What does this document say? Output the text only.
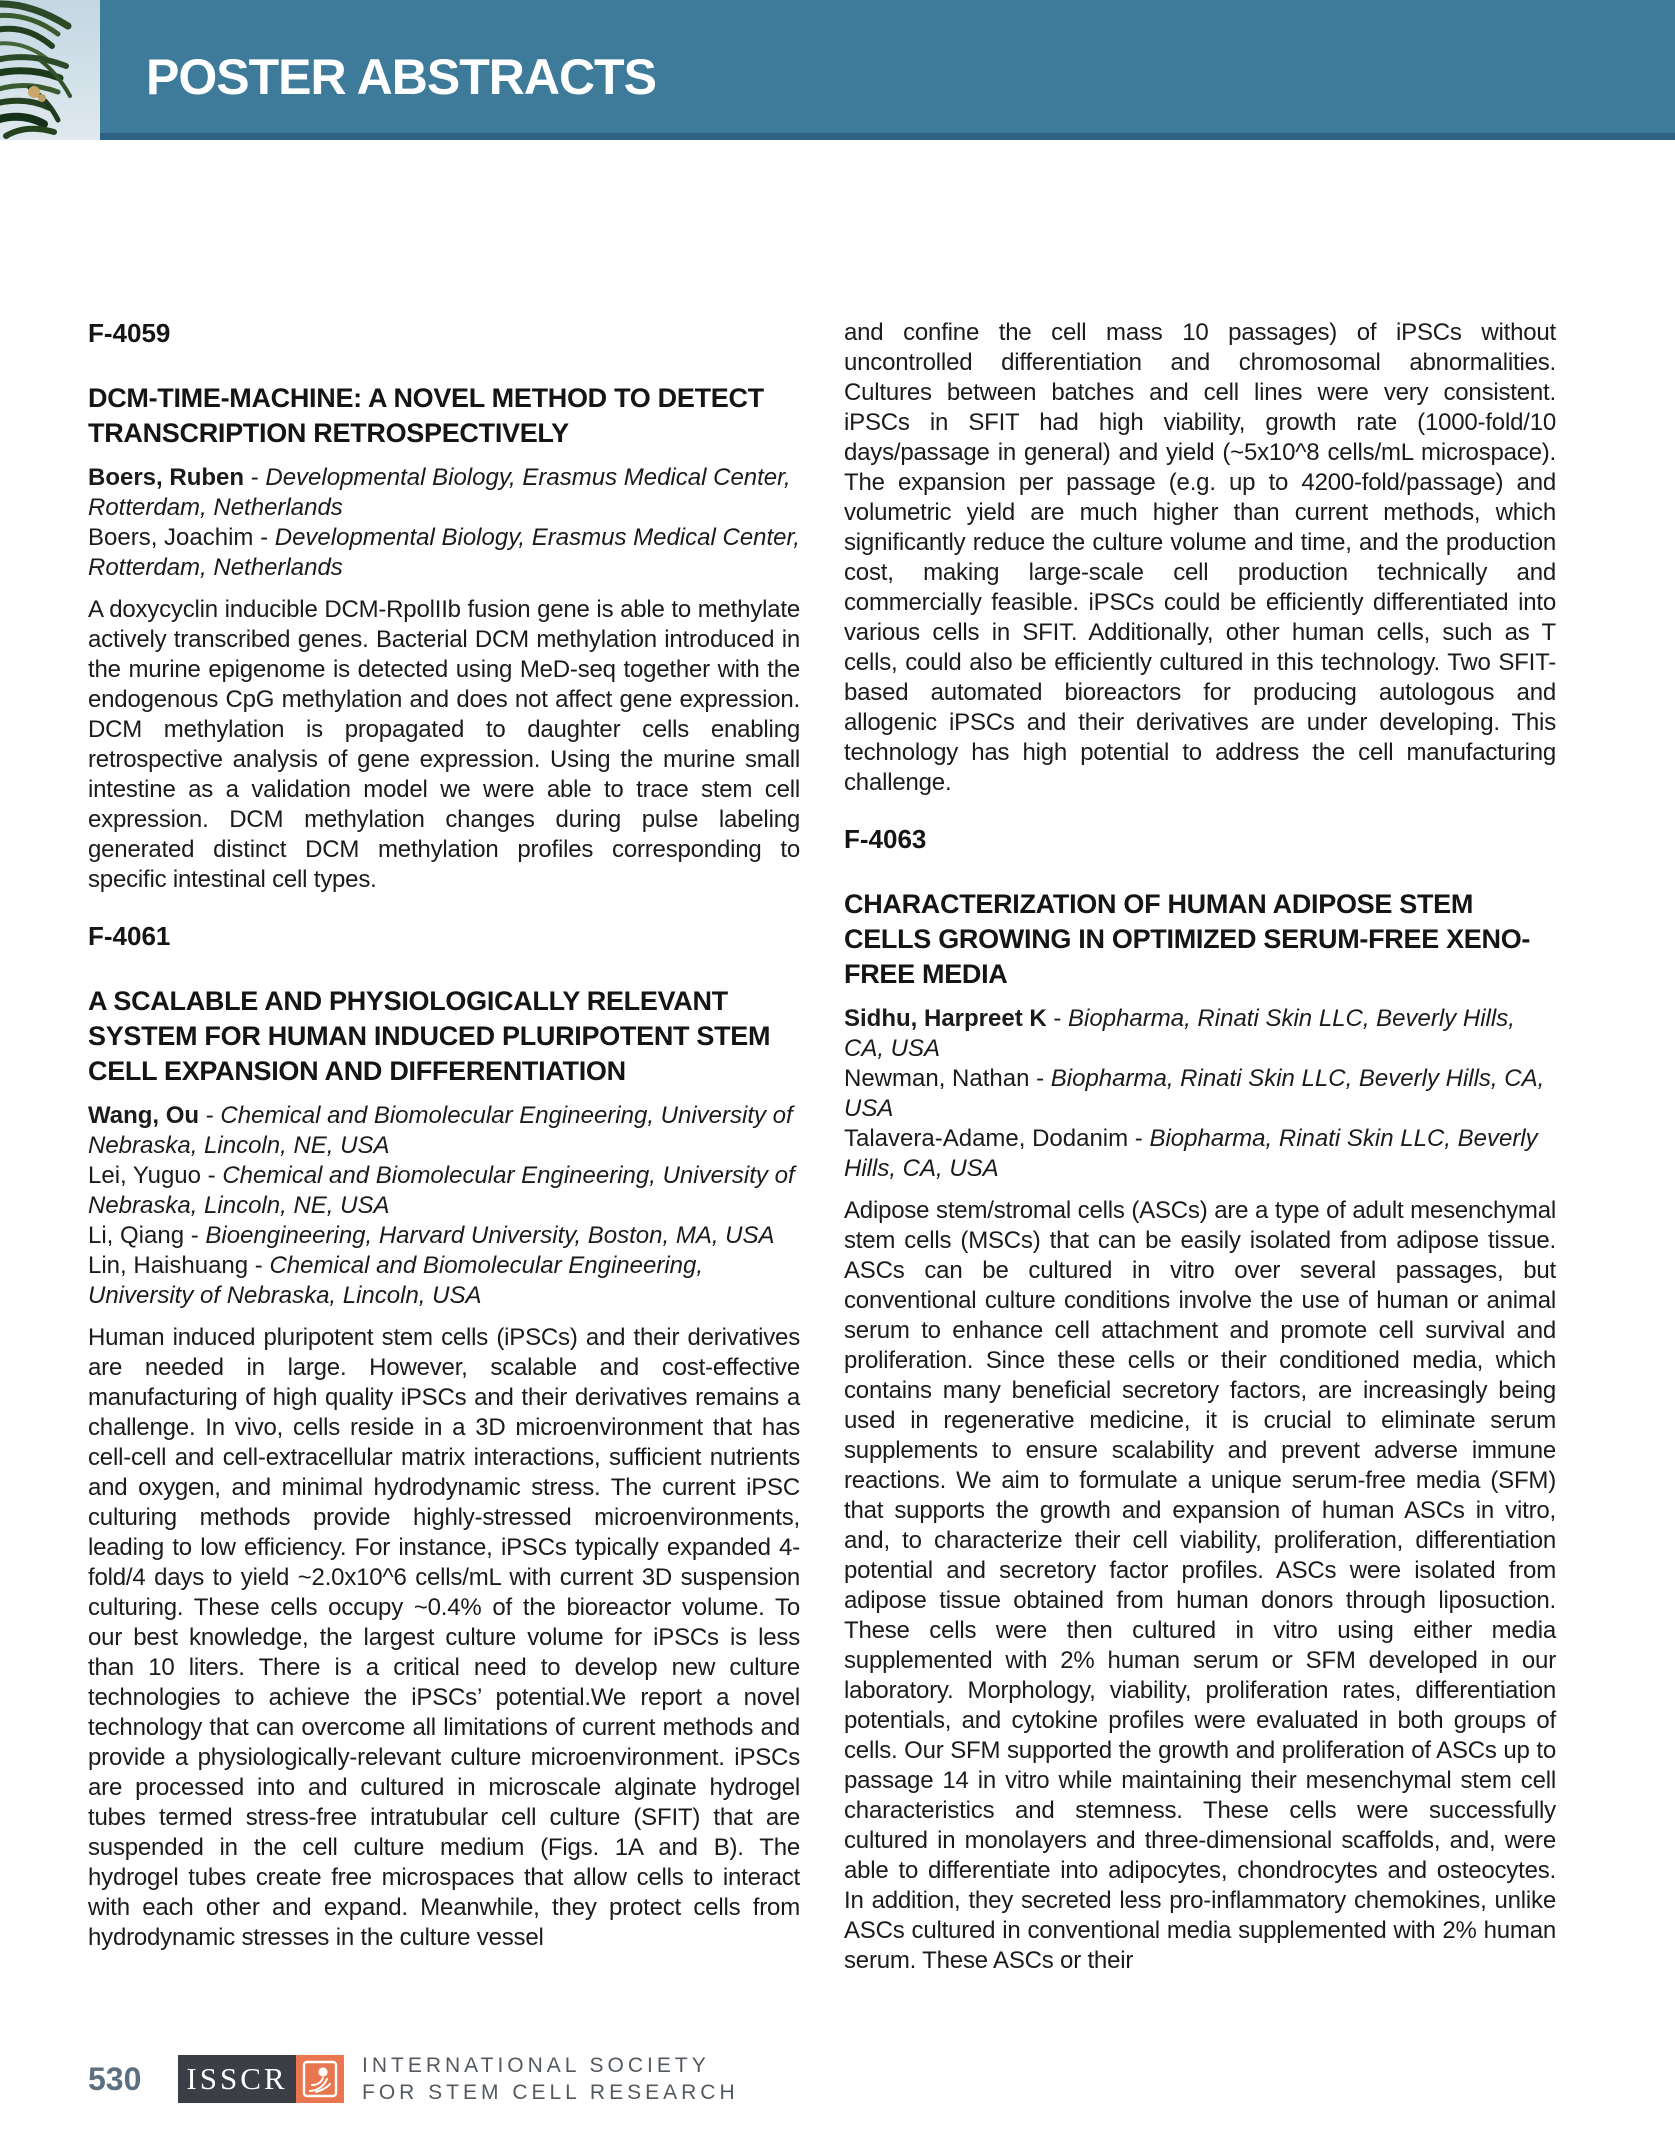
POSTER ABSTRACTS

F-4059

DCM-TIME-MACHINE: A NOVEL METHOD TO DETECT TRANSCRIPTION RETROSPECTIVELY

Boers, Ruben - Developmental Biology, Erasmus Medical Center, Rotterdam, Netherlands

Boers, Joachim - Developmental Biology, Erasmus Medical Center, Rotterdam, Netherlands

A doxycyclin inducible DCM-RpolIIb fusion gene is able to methylate actively transcribed genes. Bacterial DCM methylation introduced in the murine epigenome is detected using MeD-seq together with the endogenous CpG methylation and does not affect gene expression. DCM methylation is propagated to daughter cells enabling retrospective analysis of gene expression. Using the murine small intestine as a validation model we were able to trace stem cell expression. DCM methylation changes during pulse labeling generated distinct DCM methylation profiles corresponding to specific intestinal cell types.

F-4061

A SCALABLE AND PHYSIOLOGICALLY RELEVANT SYSTEM FOR HUMAN INDUCED PLURIPOTENT STEM CELL EXPANSION AND DIFFERENTIATION

Wang, Ou - Chemical and Biomolecular Engineering, University of Nebraska, Lincoln, NE, USA

Lei, Yuguo - Chemical and Biomolecular Engineering, University of Nebraska, Lincoln, NE, USA

Li, Qiang - Bioengineering, Harvard University, Boston, MA, USA

Lin, Haishuang - Chemical and Biomolecular Engineering, University of Nebraska, Lincoln, USA

Human induced pluripotent stem cells (iPSCs) and their derivatives are needed in large. However, scalable and cost-effective manufacturing of high quality iPSCs and their derivatives remains a challenge. In vivo, cells reside in a 3D microenvironment that has cell-cell and cell-extracellular matrix interactions, sufficient nutrients and oxygen, and minimal hydrodynamic stress. The current iPSC culturing methods provide highly-stressed microenvironments, leading to low efficiency. For instance, iPSCs typically expanded 4-fold/4 days to yield ~2.0x10^6 cells/mL with current 3D suspension culturing. These cells occupy ~0.4% of the bioreactor volume. To our best knowledge, the largest culture volume for iPSCs is less than 10 liters. There is a critical need to develop new culture technologies to achieve the iPSCs’ potential.We report a novel technology that can overcome all limitations of current methods and provide a physiologically-relevant culture microenvironment. iPSCs are processed into and cultured in microscale alginate hydrogel tubes termed stress-free intratubular cell culture (SFIT) that are suspended in the cell culture medium (Figs. 1A and B). The hydrogel tubes create free microspaces that allow cells to interact with each other and expand. Meanwhile, they protect cells from hydrodynamic stresses in the culture vessel

and confine the cell mass 10 passages) of iPSCs without uncontrolled differentiation and chromosomal abnormalities. Cultures between batches and cell lines were very consistent. iPSCs in SFIT had high viability, growth rate (1000-fold/10 days/passage in general) and yield (~5x10^8 cells/mL microspace). The expansion per passage (e.g. up to 4200-fold/passage) and volumetric yield are much higher than current methods, which significantly reduce the culture volume and time, and the production cost, making large-scale cell production technically and commercially feasible. iPSCs could be efficiently differentiated into various cells in SFIT. Additionally, other human cells, such as T cells, could also be efficiently cultured in this technology. Two SFIT-based automated bioreactors for producing autologous and allogenic iPSCs and their derivatives are under developing. This technology has high potential to address the cell manufacturing challenge.

F-4063

CHARACTERIZATION OF HUMAN ADIPOSE STEM CELLS GROWING IN OPTIMIZED SERUM-FREE XENO-FREE MEDIA

Sidhu, Harpreet K - Biopharma, Rinati Skin LLC, Beverly Hills, CA, USA

Newman, Nathan - Biopharma, Rinati Skin LLC, Beverly Hills, CA, USA

Talavera-Adame, Dodanim - Biopharma, Rinati Skin LLC, Beverly Hills, CA, USA

Adipose stem/stromal cells (ASCs) are a type of adult mesenchymal stem cells (MSCs) that can be easily isolated from adipose tissue. ASCs can be cultured in vitro over several passages, but conventional culture conditions involve the use of human or animal serum to enhance cell attachment and promote cell survival and proliferation. Since these cells or their conditioned media, which contains many beneficial secretory factors, are increasingly being used in regenerative medicine, it is crucial to eliminate serum supplements to ensure scalability and prevent adverse immune reactions. We aim to formulate a unique serum-free media (SFM) that supports the growth and expansion of human ASCs in vitro, and, to characterize their cell viability, proliferation, differentiation potential and secretory factor profiles. ASCs were isolated from adipose tissue obtained from human donors through liposuction. These cells were then cultured in vitro using either media supplemented with 2% human serum or SFM developed in our laboratory. Morphology, viability, proliferation rates, differentiation potentials, and cytokine profiles were evaluated in both groups of cells. Our SFM supported the growth and proliferation of ASCs up to passage 14 in vitro while maintaining their mesenchymal stem cell characteristics and stemness. These cells were successfully cultured in monolayers and three-dimensional scaffolds, and, were able to differentiate into adipocytes, chondrocytes and osteocytes. In addition, they secreted less pro-inflammatory chemokines, unlike ASCs cultured in conventional media supplemented with 2% human serum. These ASCs or their

530 ISSCR	INTERNATIONAL SOCIETY
FOR STEM CELL RESEARCH
